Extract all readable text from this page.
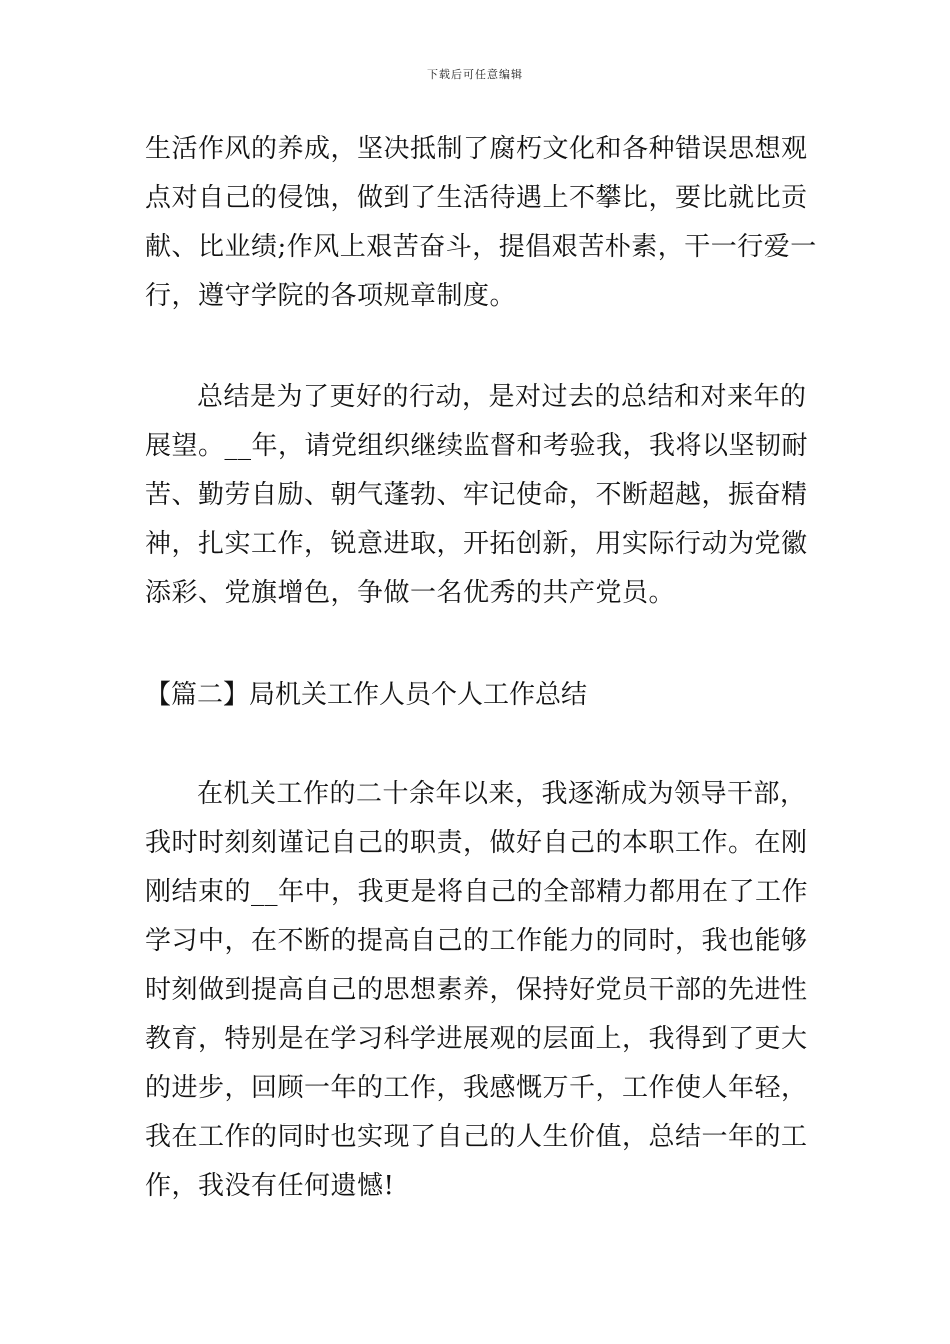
下载后可任意编辑
生活作风的养成，坚决抵制了腐朽文化和各种错误思想观
点对自己的侵蚀，做到了生活待遇上不攀比，要比就比贡
献、比业绩;作风上艰苦奋斗，提倡艰苦朴素，干一行爱一
行，遵守学院的各项规章制度。
总结是为了更好的行动，是对过去的总结和对来年的
展望。__年，请党组织继续监督和考验我，我将以坚韧耐
苦、勤劳自励、朝气蓬勃、牢记使命，不断超越，振奋精
神，扎实工作，锐意进取，开拓创新，用实际行动为党徽
添彩、党旗增色，争做一名优秀的共产党员。
【篇二】局机关工作人员个人工作总结
在机关工作的二十余年以来，我逐渐成为领导干部，
我时时刻刻谨记自己的职责，做好自己的本职工作。在刚
刚结束的__年中，我更是将自己的全部精力都用在了工作
学习中，在不断的提高自己的工作能力的同时，我也能够
时刻做到提高自己的思想素养，保持好党员干部的先进性
教育，特别是在学习科学进展观的层面上，我得到了更大
的进步，回顾一年的工作，我感慨万千，工作使人年轻，
我在工作的同时也实现了自己的人生价值，总结一年的工
作，我没有任何遗憾!
